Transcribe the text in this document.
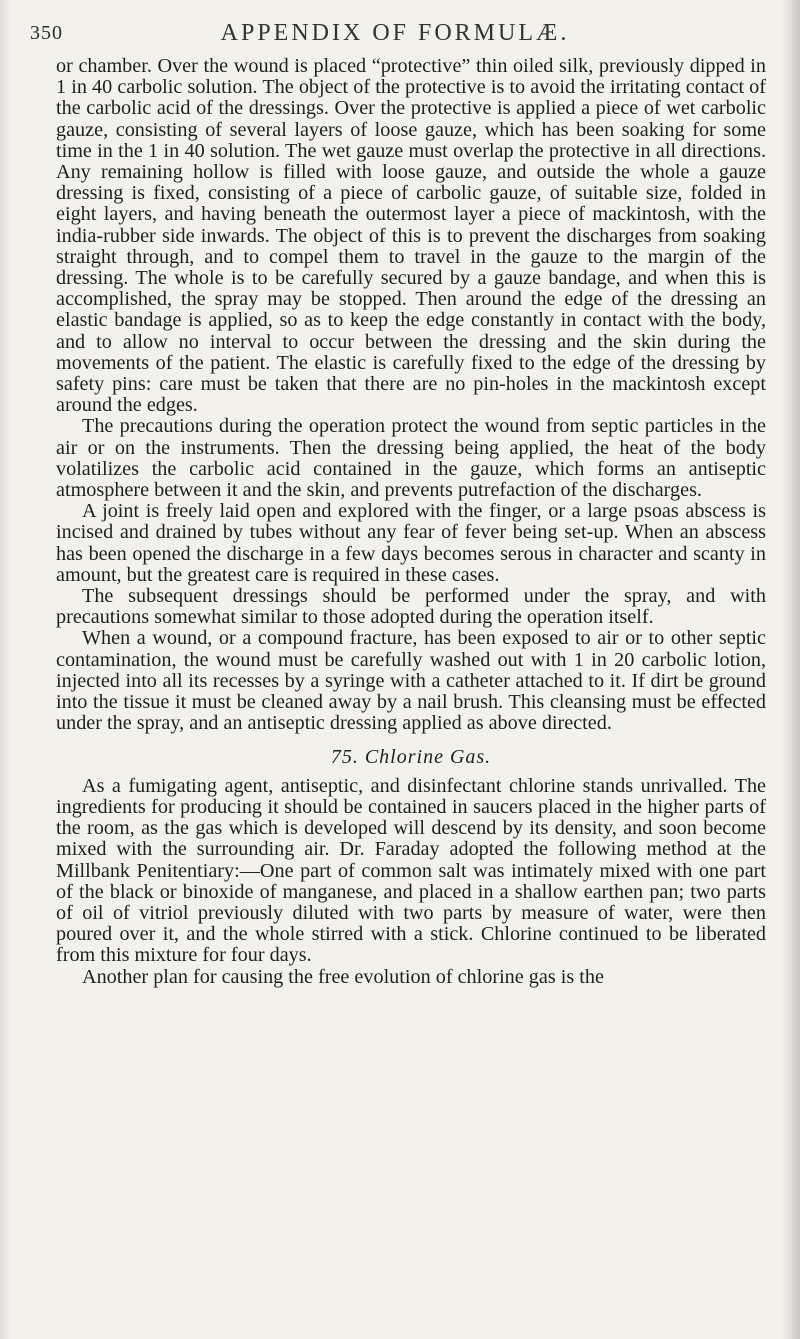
350	APPENDIX OF FORMULÆ.

or chamber. Over the wound is placed “protective” thin oiled silk, previously dipped in 1 in 40 carbolic solution. The object of the protective is to avoid the irritating contact of the carbolic acid of the dressings. Over the protective is applied a piece of wet carbolic gauze, consisting of several layers of loose gauze, which has been soaking for some time in the 1 in 40 solution. The wet gauze must overlap the protective in all directions. Any remaining hollow is filled with loose gauze, and outside the whole a gauze dressing is fixed, consisting of a piece of carbolic gauze, of suitable size, folded in eight layers, and having beneath the outermost layer a piece of mackintosh, with the india-rubber side inwards. The object of this is to prevent the discharges from soaking straight through, and to compel them to travel in the gauze to the margin of the dressing. The whole is to be carefully secured by a gauze bandage, and when this is accomplished, the spray may be stopped. Then around the edge of the dressing an elastic bandage is applied, so as to keep the edge constantly in contact with the body, and to allow no interval to occur between the dressing and the skin during the movements of the patient. The elastic is carefully fixed to the edge of the dressing by safety pins: care must be taken that there are no pin-holes in the mackintosh except around the edges.

The precautions during the operation protect the wound from septic particles in the air or on the instruments. Then the dressing being applied, the heat of the body volatilizes the carbolic acid contained in the gauze, which forms an antiseptic atmosphere between it and the skin, and prevents putrefaction of the discharges.

A joint is freely laid open and explored with the finger, or a large psoas abscess is incised and drained by tubes without any fear of fever being set-up. When an abscess has been opened the discharge in a few days becomes serous in character and scanty in amount, but the greatest care is required in these cases.

The subsequent dressings should be performed under the spray, and with precautions somewhat similar to those adopted during the operation itself.

When a wound, or a compound fracture, has been exposed to air or to other septic contamination, the wound must be carefully washed out with 1 in 20 carbolic lotion, injected into all its recesses by a syringe with a catheter attached to it. If dirt be ground into the tissue it must be cleaned away by a nail brush. This cleansing must be effected under the spray, and an antiseptic dressing applied as above directed.

75. Chlorine Gas.

As a fumigating agent, antiseptic, and disinfectant chlorine stands unrivalled. The ingredients for producing it should be contained in saucers placed in the higher parts of the room, as the gas which is developed will descend by its density, and soon become mixed with the surrounding air. Dr. Faraday adopted the following method at the Millbank Penitentiary:—One part of common salt was intimately mixed with one part of the black or binoxide of manganese, and placed in a shallow earthen pan; two parts of oil of vitriol previously diluted with two parts by measure of water, were then poured over it, and the whole stirred with a stick. Chlorine continued to be liberated from this mixture for four days.

Another plan for causing the free evolution of chlorine gas is the
